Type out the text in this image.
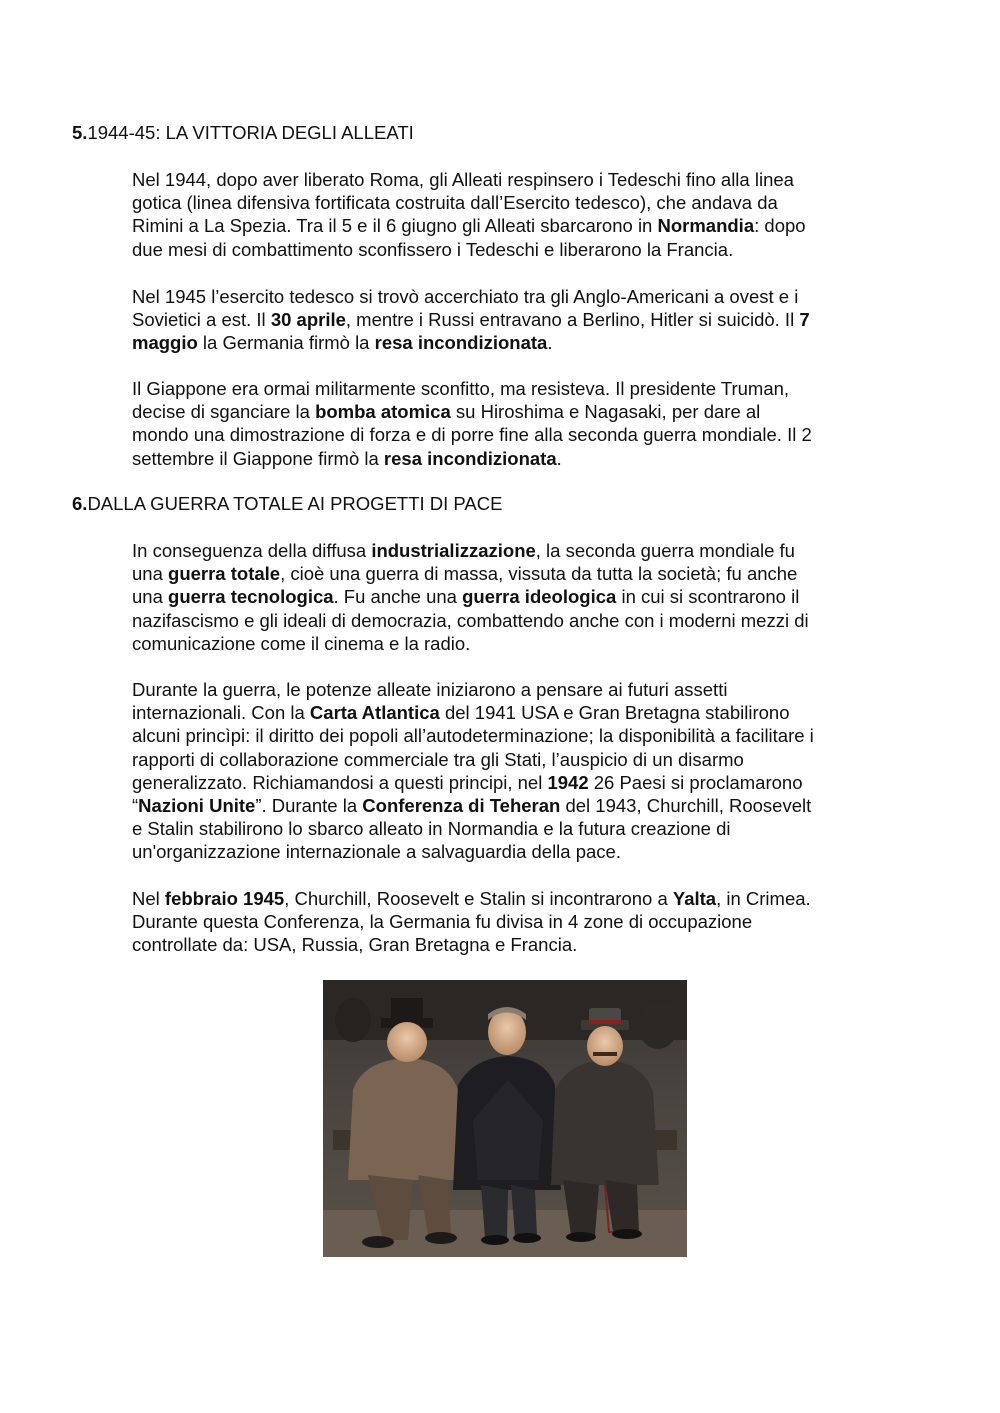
5.1944-45: LA VITTORIA DEGLI ALLEATI

Nel 1944, dopo aver liberato Roma, gli Alleati respinsero i Tedeschi fino alla linea
gotica (linea difensiva fortificata costruita dall’Esercito tedesco), che andava da
Rimini a La Spezia. Tra il 5 e il 6 giugno gli Alleati sbarcarono in Normandia: dopo
due mesi di combattimento sconfissero i Tedeschi e liberarono la Francia.

Nel 1945 l’esercito tedesco si trovò accerchiato tra gli Anglo-Americani a ovest e i
Sovietici a est. Il 30 aprile, mentre i Russi entravano a Berlino, Hitler si suicidò. Il 7
maggio la Germania firmò la resa incondizionata.

Il Giappone era ormai militarmente sconfitto, ma resisteva. Il presidente Truman,
decise di sganciare la bomba atomica su Hiroshima e Nagasaki, per dare al
mondo una dimostrazione di forza e di porre fine alla seconda guerra mondiale. Il 2
settembre il Giappone firmò la resa incondizionata.

6.DALLA GUERRA TOTALE AI PROGETTI DI PACE

In conseguenza della diffusa industrializzazione, la seconda guerra mondiale fu
una guerra totale, cioè una guerra di massa, vissuta da tutta la società; fu anche
una guerra tecnologica. Fu anche una guerra ideologica in cui si scontrarono il
nazifascismo e gli ideali di democrazia, combattendo anche con i moderni mezzi di
comunicazione come il cinema e la radio.

Durante la guerra, le potenze alleate iniziarono a pensare ai futuri assetti
internazionali. Con la Carta Atlantica del 1941 USA e Gran Bretagna stabilirono
alcuni princìpi: il diritto dei popoli all’autodeterminazione; la disponibilità a facilitare i
rapporti di collaborazione commerciale tra gli Stati, l’auspicio di un disarmo
generalizzato. Richiamandosi a questi principi, nel 1942 26 Paesi si proclamarono
“Nazioni Unite”. Durante la Conferenza di Teheran del 1943, Churchill, Roosevelt
e Stalin stabilirono lo sbarco alleato in Normandia e la futura creazione di
un'organizzazione internazionale a salvaguardia della pace.

Nel febbraio 1945, Churchill, Roosevelt e Stalin si incontrarono a Yalta, in Crimea.
Durante questa Conferenza, la Germania fu divisa in 4 zone di occupazione
controllate da: USA, Russia, Gran Bretagna e Francia.
